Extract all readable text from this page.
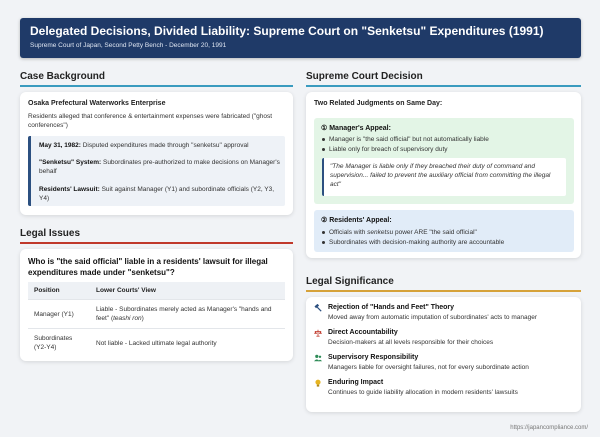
Delegated Decisions, Divided Liability: Supreme Court on "Senketsu" Expenditures (1991)
Supreme Court of Japan, Second Petty Bench - December 20, 1991
Case Background
Osaka Prefectural Waterworks Enterprise
Residents alleged that conference & entertainment expenses were fabricated ("ghost conferences")
May 31, 1982: Disputed expenditures made through "senketsu" approval
"Senketsu" System: Subordinates pre-authorized to make decisions on Manager's behalf
Residents' Lawsuit: Suit against Manager (Y1) and subordinate officials (Y2, Y3, Y4)
Legal Issues
Who is "the said official" liable in a residents' lawsuit for illegal expenditures made under "senketsu"?
Position	Lower Courts' View
Manager (Y1)	Liable - Subordinates merely acted as Manager's "hands and feet" (teashi ron)
Subordinates (Y2-Y4)	Not liable - Lacked ultimate legal authority
Supreme Court Decision
Two Related Judgments on Same Day:
① Manager's Appeal:
Manager is "the said official" but not automatically liable
Liable only for breach of supervisory duty
"The Manager is liable only if they breached their duty of command and supervision... failed to prevent the auxiliary official from committing the illegal act"
② Residents' Appeal:
Officials with senketsu power ARE "the said official"
Subordinates with decision-making authority are accountable
Legal Significance
Rejection of "Hands and Feet" Theory
Moved away from automatic imputation of subordinates' acts to manager
Direct Accountability
Decision-makers at all levels responsible for their choices
Supervisory Responsibility
Managers liable for oversight failures, not for every subordinate action
Enduring Impact
Continues to guide liability allocation in modern residents' lawsuits
https://japancompliance.com/
